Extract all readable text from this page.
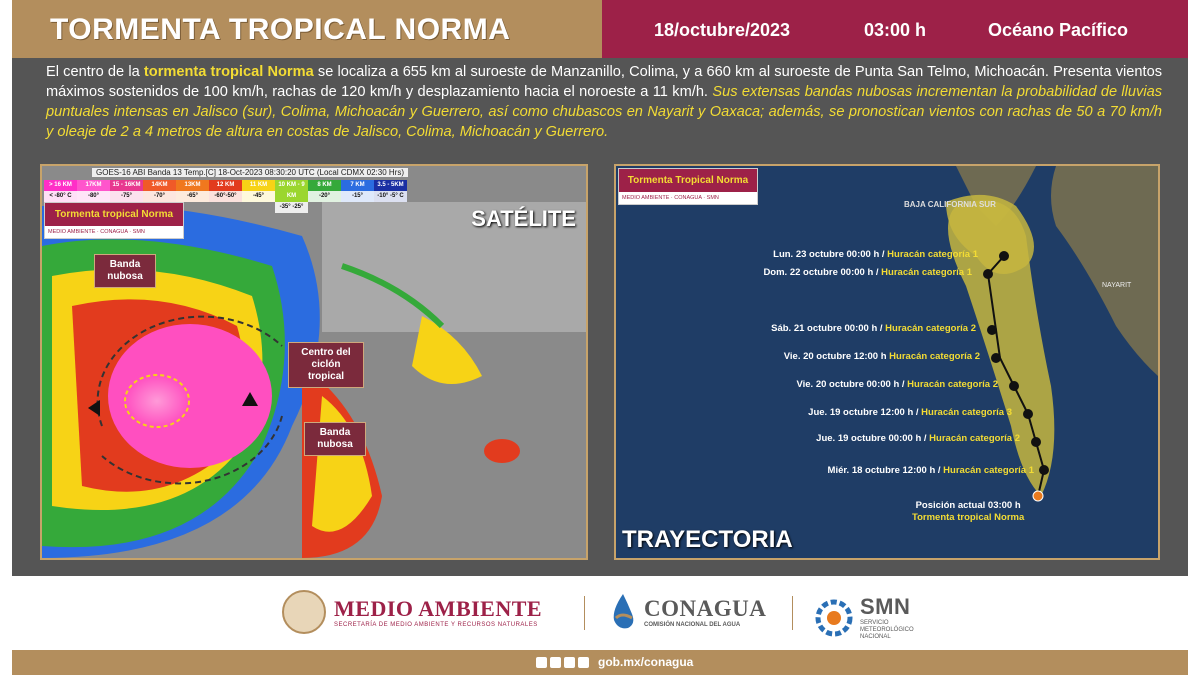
TORMENTA TROPICAL NORMA	18/octubre/2023	03:00 h	Océano Pacífico
El centro de la tormenta tropical Norma se localiza a 655 km al suroeste de Manzanillo, Colima, y a 660 km al suroeste de Punta San Telmo, Michoacán. Presenta vientos máximos sostenidos de 100 km/h, rachas de 120 km/h y desplazamiento hacia el noroeste a 11 km/h. Sus extensas bandas nubosas incrementan la probabilidad de lluvias puntuales intensas en Jalisco (sur), Colima, Michoacán y Guerrero, así como chubascos en Nayarit y Oaxaca; además, se pronostican vientos con rachas de 50 a 70 km/h y oleaje de 2 a 4 metros de altura en costas de Jalisco, Colima, Michoacán y Guerrero.
GOES-16 ABI Banda 13 Temp.[C] 18-Oct-2023 08:30:20 UTC (Local CDMX 02:30 Hrs)
> 16 KM
< -80° C
17KM
-80°
15 - 16KM
-75°
14KM
-70°
13KM
-65°
12 KM
-60°-50°
11 KM
-45°
10 KM - 9 KM
-35° -25°
8 KM
-20°
7 KM
-15°
3.5 - 5KM
-10° -5° C
Tormenta tropical Norma
MEDIO AMBIENTE · CONAGUA · SMN
SATÉLITE
Banda nubosa
Centro del ciclón tropical
Banda nubosa
Tormenta Tropical Norma
MEDIO AMBIENTE · CONAGUA · SMN
BAJA CALIFORNIA SUR
NAYARIT
Lun. 23 octubre 00:00 h / Huracán categoría 1
Dom. 22 octubre 00:00 h / Huracán categoría 1
Sáb. 21 octubre 00:00 h / Huracán categoría 2
Vie. 20 octubre 12:00 h Huracán categoría 2
Vie. 20 octubre 00:00 h / Huracán categoría 2
Jue. 19 octubre 12:00 h / Huracán categoría 3
Jue. 19 octubre 00:00 h / Huracán categoría 2
Miér. 18 octubre 12:00 h / Huracán categoría 1
Posición actual 03:00 h
Tormenta tropical Norma
TRAYECTORIA
MEDIO AMBIENTE
SECRETARÍA DE MEDIO AMBIENTE Y RECURSOS NATURALES
CONAGUA
COMISIÓN NACIONAL DEL AGUA
SMN
SERVICIO
METEOROLÓGICO
NACIONAL
gob.mx/conagua
